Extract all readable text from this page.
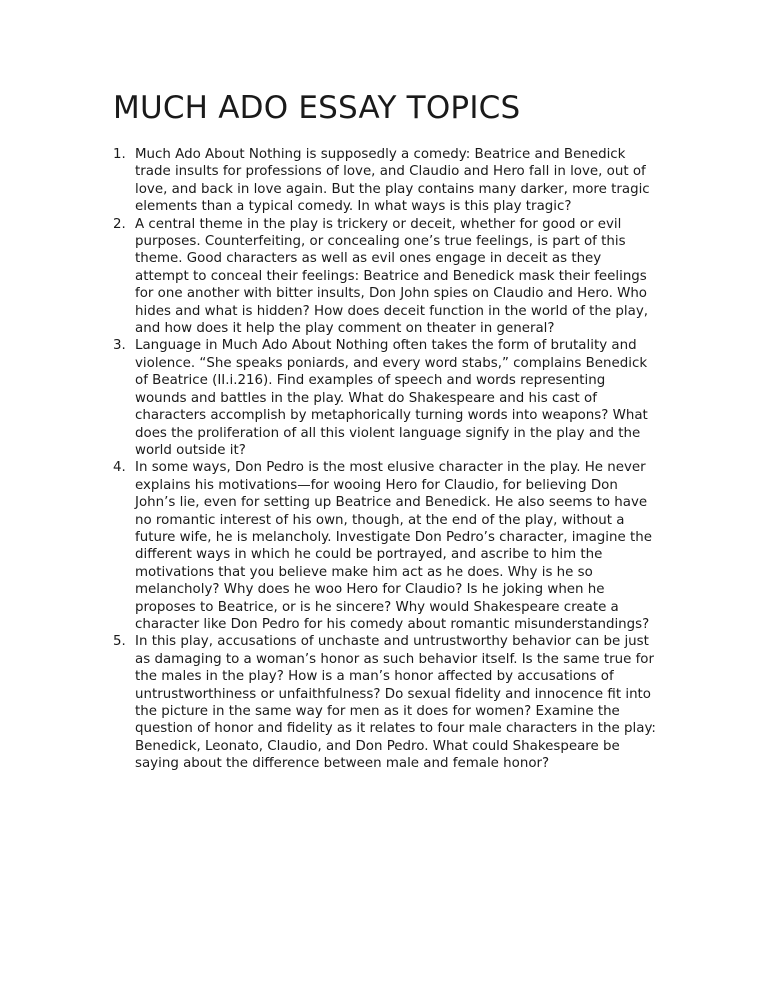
MUCH ADO ESSAY TOPICS
1. Much Ado About Nothing is supposedly a comedy: Beatrice and Benedick trade insults for professions of love, and Claudio and Hero fall in love, out of love, and back in love again. But the play contains many darker, more tragic elements than a typical comedy. In what ways is this play tragic?
2. A central theme in the play is trickery or deceit, whether for good or evil purposes. Counterfeiting, or concealing one’s true feelings, is part of this theme. Good characters as well as evil ones engage in deceit as they attempt to conceal their feelings: Beatrice and Benedick mask their feelings for one another with bitter insults, Don John spies on Claudio and Hero. Who hides and what is hidden? How does deceit function in the world of the play, and how does it help the play comment on theater in general?
3. Language in Much Ado About Nothing often takes the form of brutality and violence. “She speaks poniards, and every word stabs,” complains Benedick of Beatrice (II.i.216). Find examples of speech and words representing wounds and battles in the play. What do Shakespeare and his cast of characters accomplish by metaphorically turning words into weapons? What does the proliferation of all this violent language signify in the play and the world outside it?
4. In some ways, Don Pedro is the most elusive character in the play. He never explains his motivations—for wooing Hero for Claudio, for believing Don John’s lie, even for setting up Beatrice and Benedick. He also seems to have no romantic interest of his own, though, at the end of the play, without a future wife, he is melancholy. Investigate Don Pedro’s character, imagine the different ways in which he could be portrayed, and ascribe to him the motivations that you believe make him act as he does. Why is he so melancholy? Why does he woo Hero for Claudio? Is he joking when he proposes to Beatrice, or is he sincere? Why would Shakespeare create a character like Don Pedro for his comedy about romantic misunderstandings?
5. In this play, accusations of unchaste and untrustworthy behavior can be just as damaging to a woman’s honor as such behavior itself. Is the same true for the males in the play? How is a man’s honor affected by accusations of untrustworthiness or unfaithfulness? Do sexual fidelity and innocence fit into the picture in the same way for men as it does for women? Examine the question of honor and fidelity as it relates to four male characters in the play: Benedick, Leonato, Claudio, and Don Pedro. What could Shakespeare be saying about the difference between male and female honor?
